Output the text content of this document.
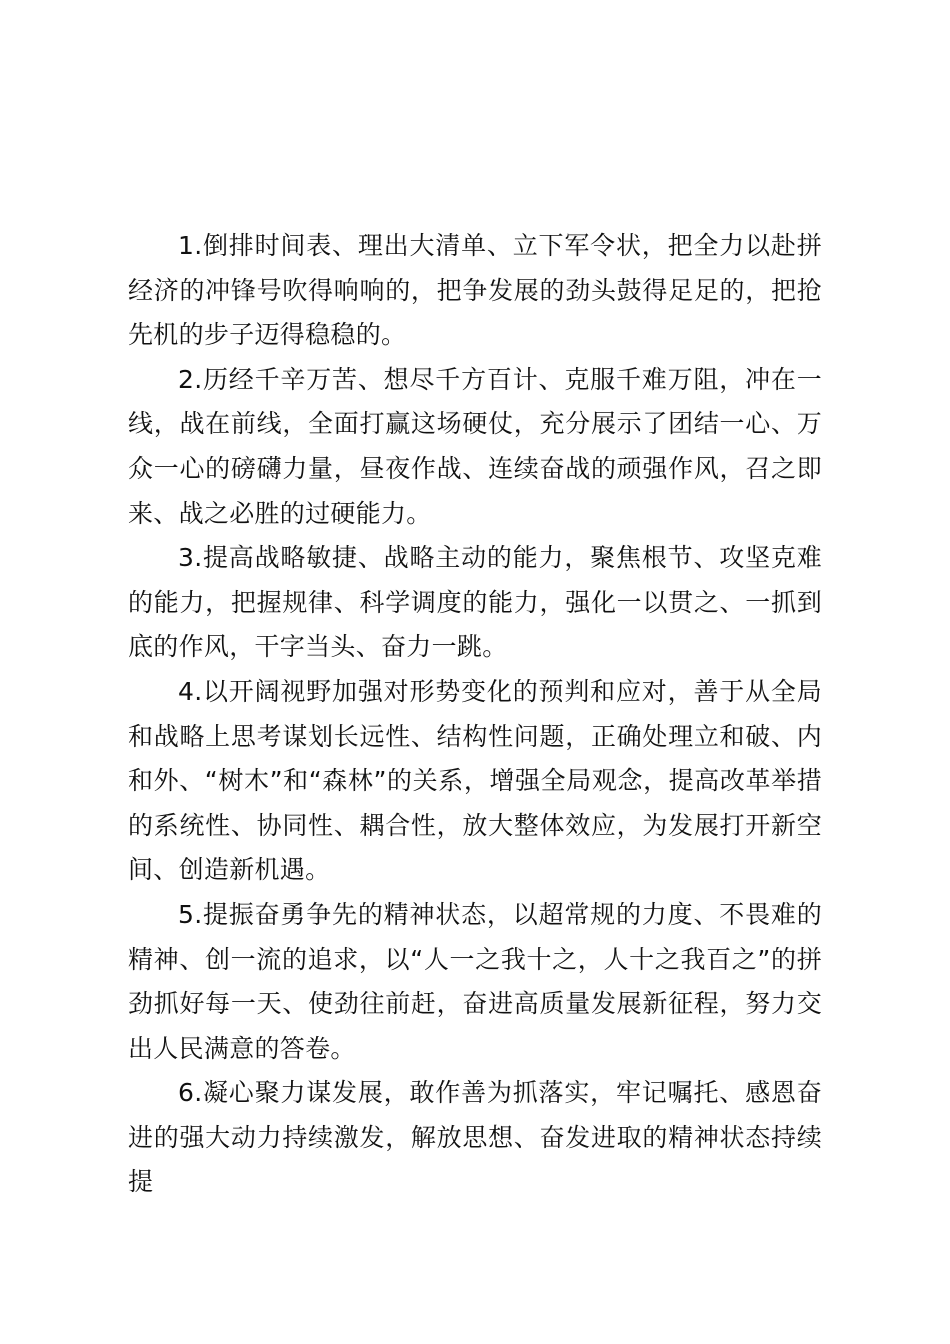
1.倒排时间表、理出大清单、立下军令状，把全力以赴拼经济的冲锋号吹得响响的，把争发展的劲头鼓得足足的，把抢先机的步子迈得稳稳的。

2.历经千辛万苦、想尽千方百计、克服千难万阻，冲在一线，战在前线，全面打赢这场硬仗，充分展示了团结一心、万众一心的磅礴力量，昼夜作战、连续奋战的顽强作风，召之即来、战之必胜的过硬能力。

3.提高战略敏捷、战略主动的能力，聚焦根节、攻坚克难的能力，把握规律、科学调度的能力，强化一以贯之、一抓到底的作风，干字当头、奋力一跳。

4.以开阔视野加强对形势变化的预判和应对，善于从全局和战略上思考谋划长远性、结构性问题，正确处理立和破、内和外、“树木”和“森林”的关系，增强全局观念，提高改革举措的系统性、协同性、耦合性，放大整体效应，为发展打开新空间、创造新机遇。

5.提振奋勇争先的精神状态，以超常规的力度、不畏难的精神、创一流的追求，以“人一之我十之，人十之我百之”的拼劲抓好每一天、使劲往前赶，奋进高质量发展新征程，努力交出人民满意的答卷。

6.凝心聚力谋发展，敢作善为抓落实，牢记嘱托、感恩奋进的强大动力持续激发，解放思想、奋发进取的精神状态持续提
